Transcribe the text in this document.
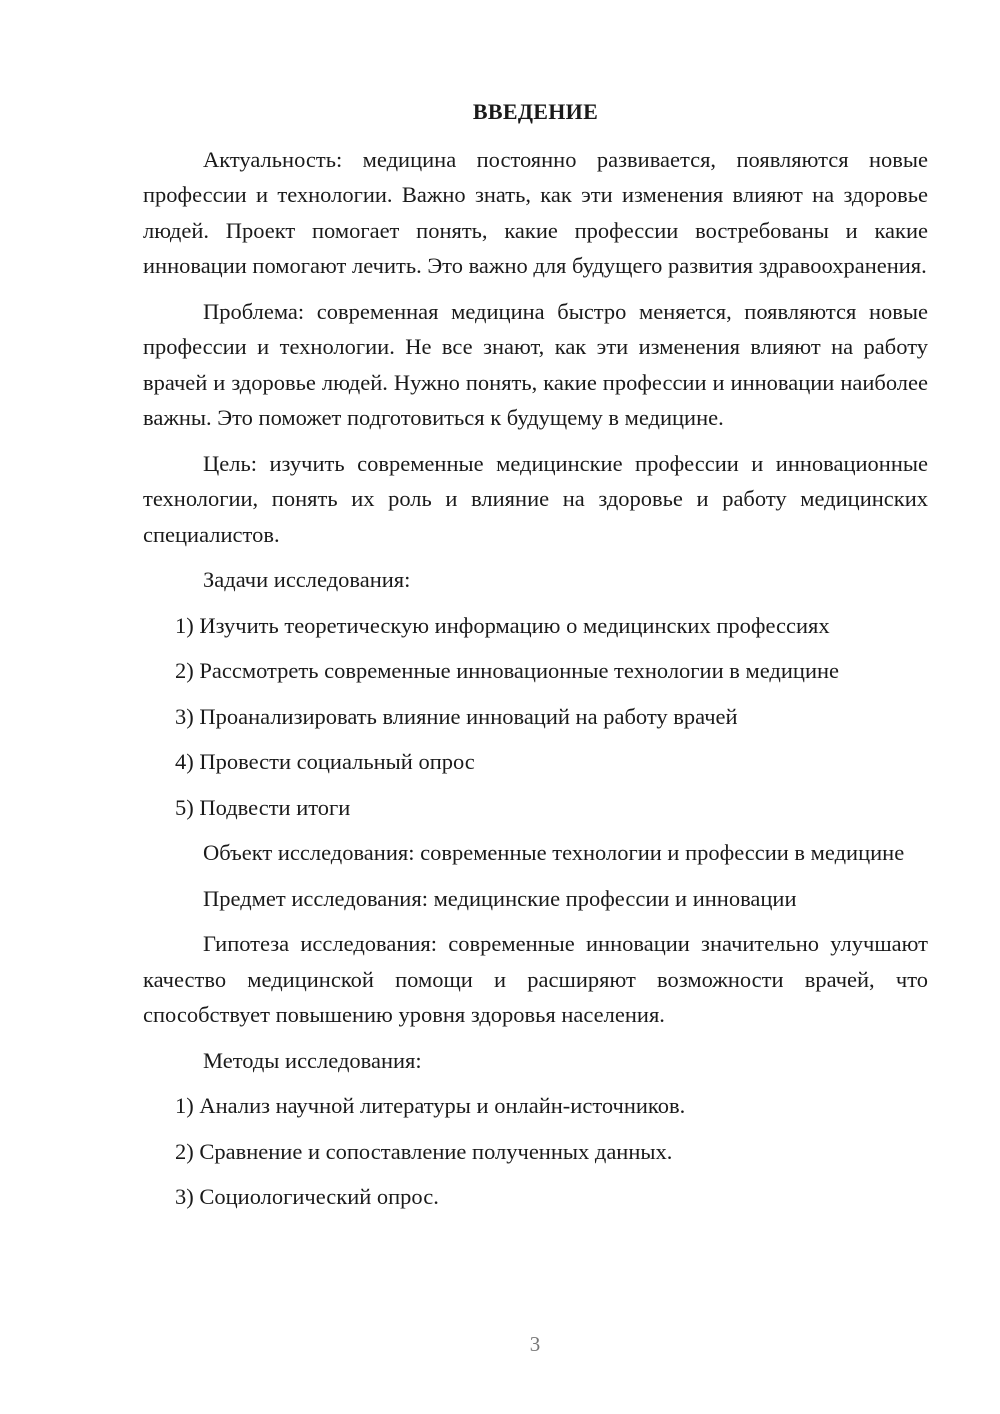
ВВЕДЕНИЕ

Актуальность: медицина постоянно развивается, появляются новые профессии и технологии. Важно знать, как эти изменения влияют на здоровье людей. Проект помогает понять, какие профессии востребованы и какие инновации помогают лечить. Это важно для будущего развития здравоохранения.

Проблема: современная медицина быстро меняется, появляются новые профессии и технологии. Не все знают, как эти изменения влияют на работу врачей и здоровье людей. Нужно понять, какие профессии и инновации наиболее важны. Это поможет подготовиться к будущему в медицине.

Цель: изучить современные медицинские профессии и инновационные технологии, понять их роль и влияние на здоровье и работу медицинских специалистов.

Задачи исследования:

1) Изучить теоретическую информацию о медицинских профессиях
2) Рассмотреть современные инновационные технологии в медицине
3) Проанализировать влияние инноваций на работу врачей
4) Провести социальный опрос
5) Подвести итоги

Объект исследования: современные технологии и профессии в медицине

Предмет исследования: медицинские профессии и инновации

Гипотеза исследования: современные инновации значительно улучшают качество медицинской помощи и расширяют возможности врачей, что способствует повышению уровня здоровья населения.

Методы исследования:

1) Анализ научной литературы и онлайн-источников.
2) Сравнение и сопоставление полученных данных.
3) Социологический опрос.
3
